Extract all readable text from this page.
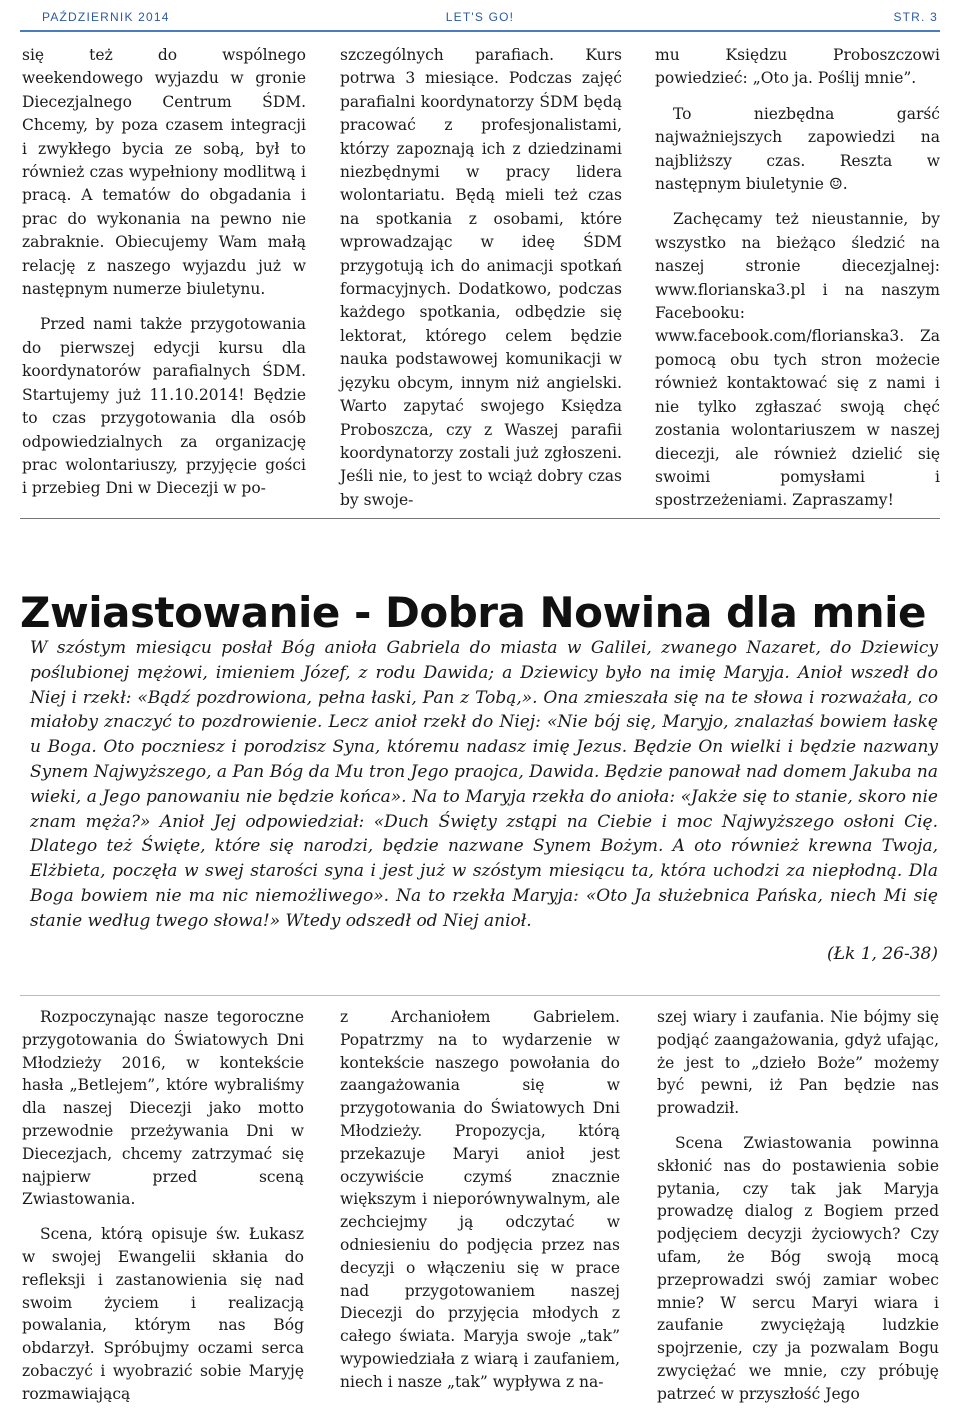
PAŹDZIERNIK 2014	LET'S GO!	STR. 3

się też do wspólnego weekendowego wyjazdu w gronie Diecezjalnego Centrum ŚDM. Chcemy, by poza czasem integracji i zwykłego bycia ze sobą, był to również czas wypełniony modlitwą i pracą. A tematów do obgadania i prac do wykonania na pewno nie zabraknie. Obiecujemy Wam małą relację z naszego wyjazdu już w następnym numerze biuletynu.

Przed nami także przygotowania do pierwszej edycji kursu dla koordynatorów parafialnych ŚDM. Startujemy już 11.10.2014! Będzie to czas przygotowania dla osób odpowiedzialnych za organizację prac wolontariuszy, przyjęcie gości i przebieg Dni w Diecezji w po-

szczególnych parafiach. Kurs potrwa 3 miesiące. Podczas zajęć parafialni koordynatorzy ŚDM będą pracować z profesjonalistami, którzy zapoznają ich z dziedzinami niezbędnymi w pracy lidera wolontariatu. Będą mieli też czas na spotkania z osobami, które wprowadzając w ideę ŚDM przygotują ich do animacji spotkań formacyjnych. Dodatkowo, podczas każdego spotkania, odbędzie się lektorat, którego celem będzie nauka podstawowej komunikacji w języku obcym, innym niż angielski. Warto zapytać swojego Księdza Proboszcza, czy z Waszej parafii koordynatorzy zostali już zgłoszeni. Jeśli nie, to jest to wciąż dobry czas by swoje-

mu Księdzu Proboszczowi powiedzieć: „Oto ja. Poślij mnie”.

To niezbędna garść najważniejszych zapowiedzi na najbliższy czas. Reszta w następnym biuletynie ☺.

Zachęcamy też nieustannie, by wszystko na bieżąco śledzić na naszej stronie diecezjalnej: www.florianska3.pl i na naszym Facebooku: www.facebook.com/florianska3. Za pomocą obu tych stron możecie również kontaktować się z nami i nie tylko zgłaszać swoją chęć zostania wolontariuszem w naszej diecezji, ale również dzielić się swoimi pomysłami i spostrzeżeniami. Zapraszamy!

Zwiastowanie - Dobra Nowina dla mnie
W szóstym miesiącu posłał Bóg anioła Gabriela do miasta w Galilei, zwanego Nazaret, do Dziewicy poślubionej mężowi, imieniem Józef, z rodu Dawida; a Dziewicy było na imię Maryja. Anioł wszedł do Niej i rzekł: «Bądź pozdrowiona, pełna łaski, Pan z Tobą,». Ona zmieszała się na te słowa i rozważała, co miałoby znaczyć to pozdrowienie. Lecz anioł rzekł do Niej: «Nie bój się, Maryjo, znalazłaś bowiem łaskę u Boga. Oto poczniesz i porodzisz Syna, któremu nadasz imię Jezus. Będzie On wielki i będzie nazwany Synem Najwyższego, a Pan Bóg da Mu tron Jego praojca, Dawida. Będzie panował nad domem Jakuba na wieki, a Jego panowaniu nie będzie końca». Na to Maryja rzekła do anioła: «Jakże się to stanie, skoro nie znam męża?» Anioł Jej odpowiedział: «Duch Święty zstąpi na Ciebie i moc Najwyższego osłoni Cię. Dlatego też Święte, które się narodzi, będzie nazwane Synem Bożym. A oto również krewna Twoja, Elżbieta, poczęła w swej starości syna i jest już w szóstym miesiącu ta, która uchodzi za niepłodną. Dla Boga bowiem nie ma nic niemożliwego». Na to rzekła Maryja: «Oto Ja służebnica Pańska, niech Mi się stanie według twego słowa!» Wtedy odszedł od Niej anioł.
(Łk 1, 26-38)

Rozpoczynając nasze tegoroczne przygotowania do Światowych Dni Młodzieży 2016, w kontekście hasła „Betlejem”, które wybraliśmy dla naszej Diecezji jako motto przewodnie przeżywania Dni w Diecezjach, chcemy zatrzymać się najpierw przed sceną Zwiastowania.

Scena, którą opisuje św. Łukasz w swojej Ewangelii skłania do refleksji i zastanowienia się nad swoim życiem i realizacją powalania, którym nas Bóg obdarzył. Spróbujmy oczami serca zobaczyć i wyobrazić sobie Maryję rozmawiającą

z Archaniołem Gabrielem. Popatrzmy na to wydarzenie w kontekście naszego powołania do zaangażowania się w przygotowania do Światowych Dni Młodzieży. Propozycja, którą przekazuje Maryi anioł jest oczywiście czymś znacznie większym i nieporównywalnym, ale zechciejmy ją odczytać w odniesieniu do podjęcia przez nas decyzji o włączeniu się w prace nad przygotowaniem naszej Diecezji do przyjęcia młodych z całego świata. Maryja swoje „tak” wypowiedziała z wiarą i zaufaniem, niech i nasze „tak” wypływa z na-

szej wiary i zaufania. Nie bójmy się podjąć zaangażowania, gdyż ufając, że jest to „dzieło Boże” możemy być pewni, iż Pan będzie nas prowadził.

Scena Zwiastowania powinna skłonić nas do postawienia sobie pytania, czy tak jak Maryja prowadzę dialog z Bogiem przed podjęciem decyzji życiowych? Czy ufam, że Bóg swoją mocą przeprowadzi swój zamiar wobec mnie? W sercu Maryi wiara i zaufanie zwyciężają ludzkie spojrzenie, czy ja pozwalam Bogu zwyciężać we mnie, czy próbuję patrzeć w przyszłość Jego
